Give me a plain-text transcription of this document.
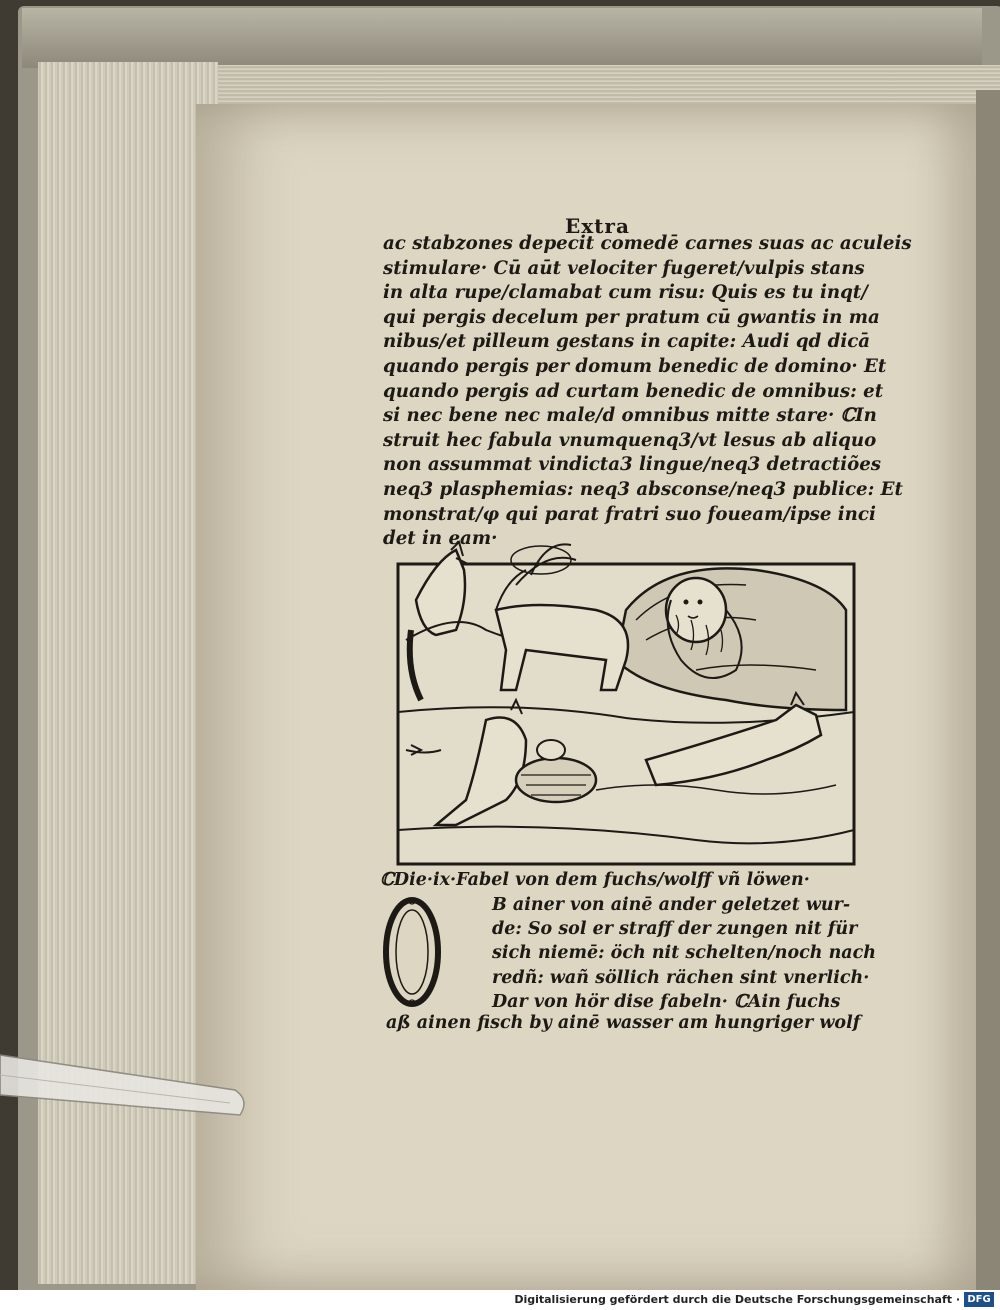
Extra
ac stabzones depecit comedē carnes suas ac aculeis
stimulare· Cū aūt velociter fugeret/vulpis stans
in alta rupe/clamabat cum risu: Quis es tu inqt/
qui pergis decelum per pratum cū gwantis in ma
nibus/et pilleum gestans in capite: Audi qd dicā
quando pergis per domum benedic de domino· Et
quando pergis ad curtam benedic de omnibus: et
si nec bene nec male/d omnibus mitte stare· ℂIn
struit hec fabula vnumquenq3/vt lesus ab aliquo
non assummat vindicta3 lingue/neq3 detractiões
neq3 plasphemias: neq3 absconse/neq3 publice: Et
monstrat/φ qui parat fratri suo foueam/ipse inci
det in eam·
ℂDie·ix·Fabel von dem fuchs/wolff vñ löwen·
B ainer von ainē ander geletzet wur-
de: So sol er straff der zungen nit für
sich niemē: öch nit schelten/noch nach
redñ: wañ söllich rächen sint vnerlich·
Dar von hör dise fabeln· ℂAin fuchs
aß ainen fisch by ainē wasser am hungriger wolf
Digitalisierung gefördert durch die Deutsche Forschungsgemeinschaft · DFG
